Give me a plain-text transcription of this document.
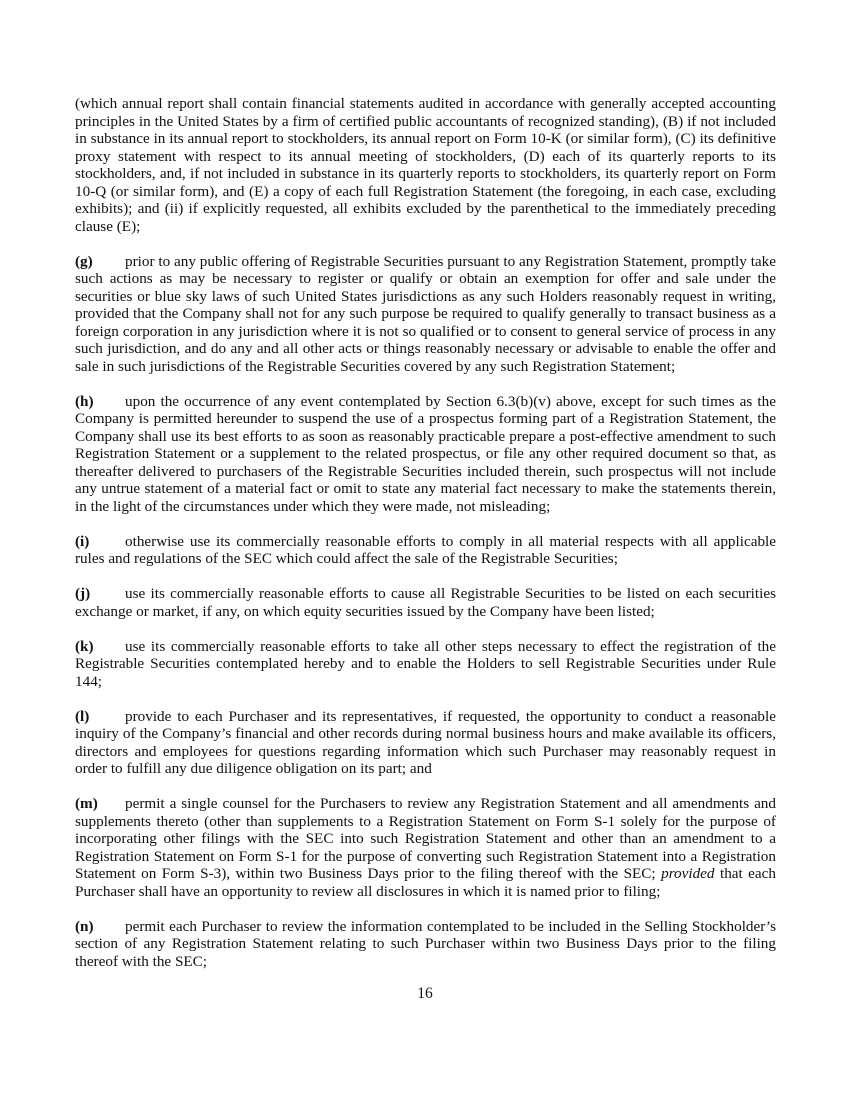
(which annual report shall contain financial statements audited in accordance with generally accepted accounting principles in the United States by a firm of certified public accountants of recognized standing), (B) if not included in substance in its annual report to stockholders, its annual report on Form 10-K (or similar form), (C) its definitive proxy statement with respect to its annual meeting of stockholders, (D) each of its quarterly reports to its stockholders, and, if not included in substance in its quarterly reports to stockholders, its quarterly report on Form 10-Q (or similar form), and (E) a copy of each full Registration Statement (the foregoing, in each case, excluding exhibits); and (ii) if explicitly requested, all exhibits excluded by the parenthetical to the immediately preceding clause (E);

(g) prior to any public offering of Registrable Securities pursuant to any Registration Statement, promptly take such actions as may be necessary to register or qualify or obtain an exemption for offer and sale under the securities or blue sky laws of such United States jurisdictions as any such Holders reasonably request in writing, provided that the Company shall not for any such purpose be required to qualify generally to transact business as a foreign corporation in any jurisdiction where it is not so qualified or to consent to general service of process in any such jurisdiction, and do any and all other acts or things reasonably necessary or advisable to enable the offer and sale in such jurisdictions of the Registrable Securities covered by any such Registration Statement;

(h) upon the occurrence of any event contemplated by Section 6.3(b)(v) above, except for such times as the Company is permitted hereunder to suspend the use of a prospectus forming part of a Registration Statement, the Company shall use its best efforts to as soon as reasonably practicable prepare a post-effective amendment to such Registration Statement or a supplement to the related prospectus, or file any other required document so that, as thereafter delivered to purchasers of the Registrable Securities included therein, such prospectus will not include any untrue statement of a material fact or omit to state any material fact necessary to make the statements therein, in the light of the circumstances under which they were made, not misleading;

(i) otherwise use its commercially reasonable efforts to comply in all material respects with all applicable rules and regulations of the SEC which could affect the sale of the Registrable Securities;

(j) use its commercially reasonable efforts to cause all Registrable Securities to be listed on each securities exchange or market, if any, on which equity securities issued by the Company have been listed;

(k) use its commercially reasonable efforts to take all other steps necessary to effect the registration of the Registrable Securities contemplated hereby and to enable the Holders to sell Registrable Securities under Rule 144;

(l) provide to each Purchaser and its representatives, if requested, the opportunity to conduct a reasonable inquiry of the Company’s financial and other records during normal business hours and make available its officers, directors and employees for questions regarding information which such Purchaser may reasonably request in order to fulfill any due diligence obligation on its part; and

(m) permit a single counsel for the Purchasers to review any Registration Statement and all amendments and supplements thereto (other than supplements to a Registration Statement on Form S-1 solely for the purpose of incorporating other filings with the SEC into such Registration Statement and other than an amendment to a Registration Statement on Form S-1 for the purpose of converting such Registration Statement into a Registration Statement on Form S-3), within two Business Days prior to the filing thereof with the SEC; provided that each Purchaser shall have an opportunity to review all disclosures in which it is named prior to filing;

(n) permit each Purchaser to review the information contemplated to be included in the Selling Stockholder’s section of any Registration Statement relating to such Purchaser within two Business Days prior to the filing thereof with the SEC;

16
